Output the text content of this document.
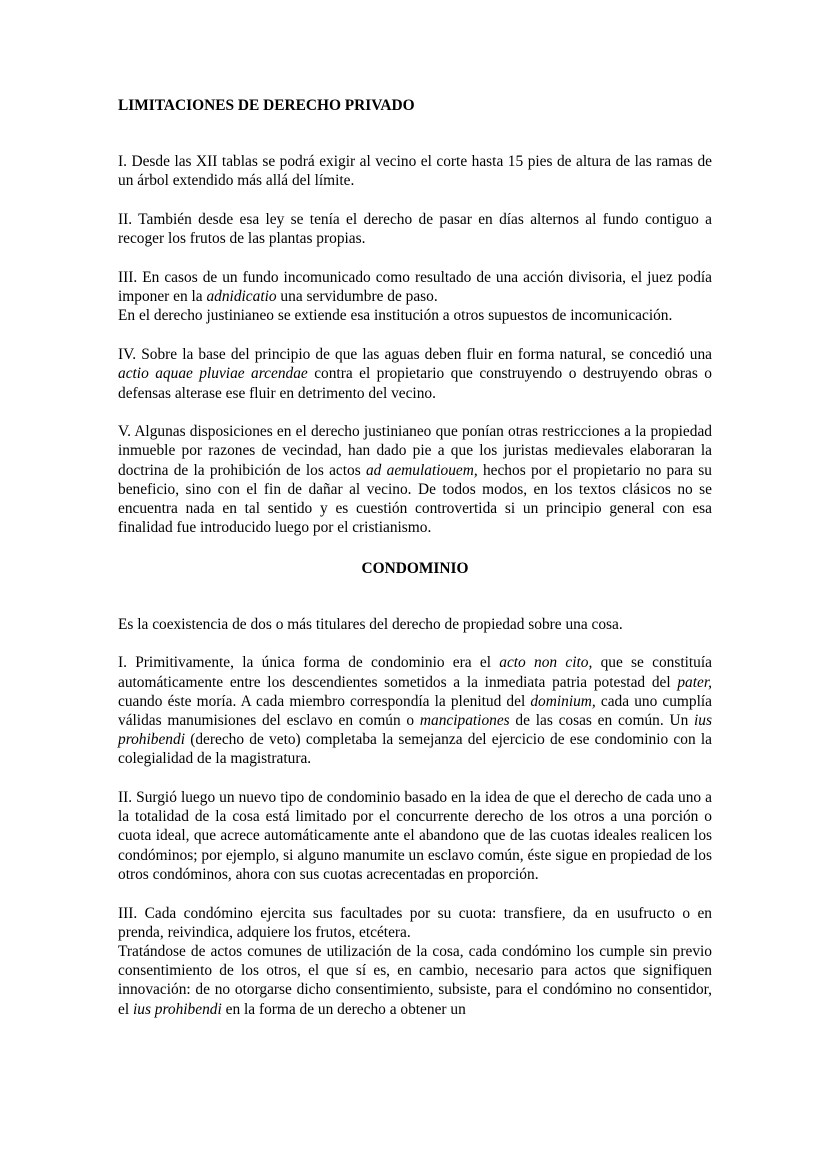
LIMITACIONES DE DERECHO PRIVADO

I. Desde las XII tablas se podrá exigir al vecino el corte hasta 15 pies de altura de las ramas de un árbol extendido más allá del límite.

II. También desde esa ley se tenía el derecho de pasar en días alternos al fundo contiguo a recoger los frutos de las plantas propias.

III. En casos de un fundo incomunicado como resultado de una acción divisoria, el juez podía imponer en la adnidicatio una servidumbre de paso.

En el derecho justinianeo se extiende esa institución a otros supuestos de incomunicación.

IV. Sobre la base del principio de que las aguas deben fluir en forma natural, se concedió una actio aquae pluviae arcendae contra el propietario que construyendo o destruyendo obras o defensas alterase ese fluir en detrimento del vecino.

V. Algunas disposiciones en el derecho justinianeo que ponían otras restricciones a la propiedad inmueble por razones de vecindad, han dado pie a que los juristas medievales elaboraran la doctrina de la prohibición de los actos ad aemulatiouem, hechos por el propietario no para su beneficio, sino con el fin de dañar al vecino. De todos modos, en los textos clásicos no se encuentra nada en tal sentido y es cuestión controvertida si un principio general con esa finalidad fue introducido luego por el cristianismo.

CONDOMINIO

Es la coexistencia de dos o más titulares del derecho de propiedad sobre una cosa.

I. Primitivamente, la única forma de condominio era el acto non cito, que se constituía automáticamente entre los descendientes sometidos a la inmediata patria potestad del pater, cuando éste moría. A cada miembro correspondía la plenitud del dominium, cada uno cumplía válidas manumisiones del esclavo en común o mancipationes de las cosas en común. Un ius prohibendi (derecho de veto) completaba la semejanza del ejercicio de ese condominio con la colegialidad de la magistratura.

II. Surgió luego un nuevo tipo de condominio basado en la idea de que el derecho de cada uno a la totalidad de la cosa está limitado por el concurrente derecho de los otros a una porción o cuota ideal, que acrece automáticamente ante el abandono que de las cuotas ideales realicen los condóminos; por ejemplo, si alguno manumite un esclavo común, éste sigue en propiedad de los otros condóminos, ahora con sus cuotas acrecentadas en proporción.

III. Cada condómino ejercita sus facultades por su cuota: transfiere, da en usufructo o en prenda, reivindica, adquiere los frutos, etcétera.

Tratándose de actos comunes de utilización de la cosa, cada condómino los cumple sin previo consentimiento de los otros, el que sí es, en cambio, necesario para actos que signifiquen innovación: de no otorgarse dicho consentimiento, subsiste, para el condómino no consentidor, el ius prohibendi en la forma de un derecho a obtener un
